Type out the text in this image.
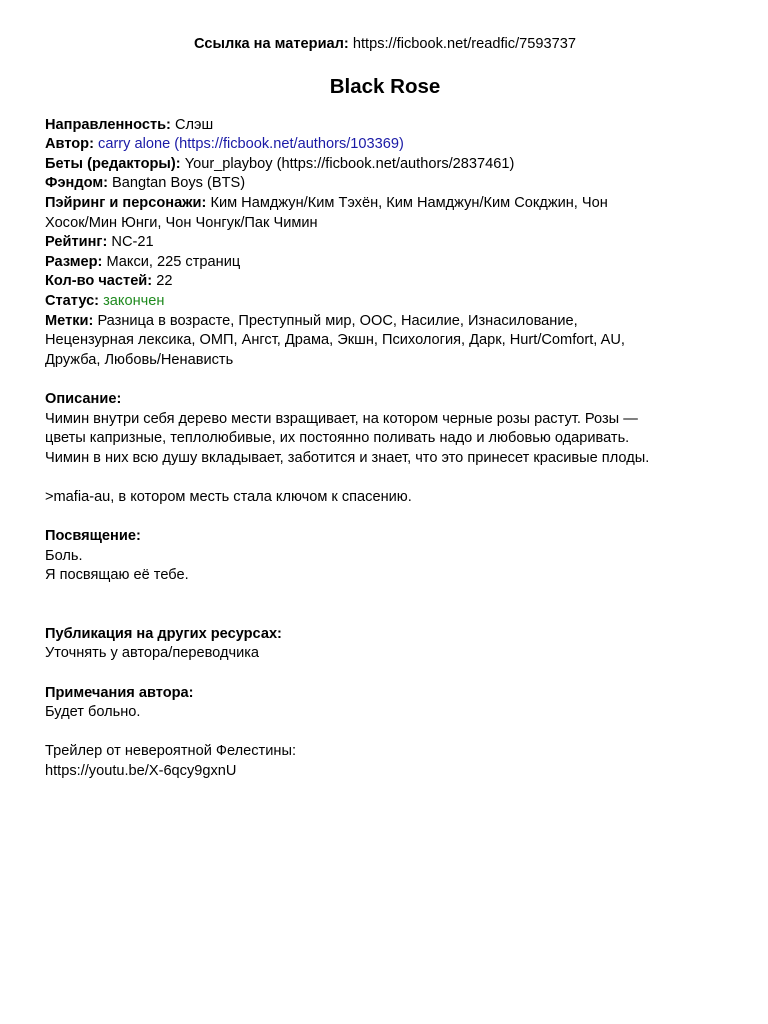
Ссылка на материал: https://ficbook.net/readfic/7593737
Black Rose
Направленность: Слэш
Автор: carry alone (https://ficbook.net/authors/103369)
Беты (редакторы): Your_playboy (https://ficbook.net/authors/2837461)
Фэндом: Bangtan Boys (BTS)
Пэйринг и персонажи: Ким Намджун/Ким Тэхён, Ким Намджун/Ким Сокджин, Чон
Хосок/Мин Юнги, Чон Чонгук/Пак Чимин
Рейтинг: NC-21
Размер: Макси, 225 страниц
Кол-во частей: 22
Статус: закончен
Метки: Разница в возрасте, Преступный мир, ООС, Насилие, Изнасилование,
Нецензурная лексика, ОМП, Ангст, Драма, Экшн, Психология, Дарк, Hurt/Comfort, AU,
Дружба, Любовь/Ненависть
Описание:
Чимин внутри себя дерево мести взращивает, на котором черные розы растут. Розы —
цветы капризные, теплолюбивые, их постоянно поливать надо и любовью одаривать.
Чимин в них всю душу вкладывает, заботится и знает, что это принесет красивые плоды.
>mafia-au, в котором месть стала ключом к спасению.
Посвящение:
Боль.
Я посвящаю её тебе.
Публикация на других ресурсах:
Уточнять у автора/переводчика
Примечания автора:
Будет больно.
Трейлер от невероятной Фелестины:
https://youtu.be/X-6qcy9gxnU
